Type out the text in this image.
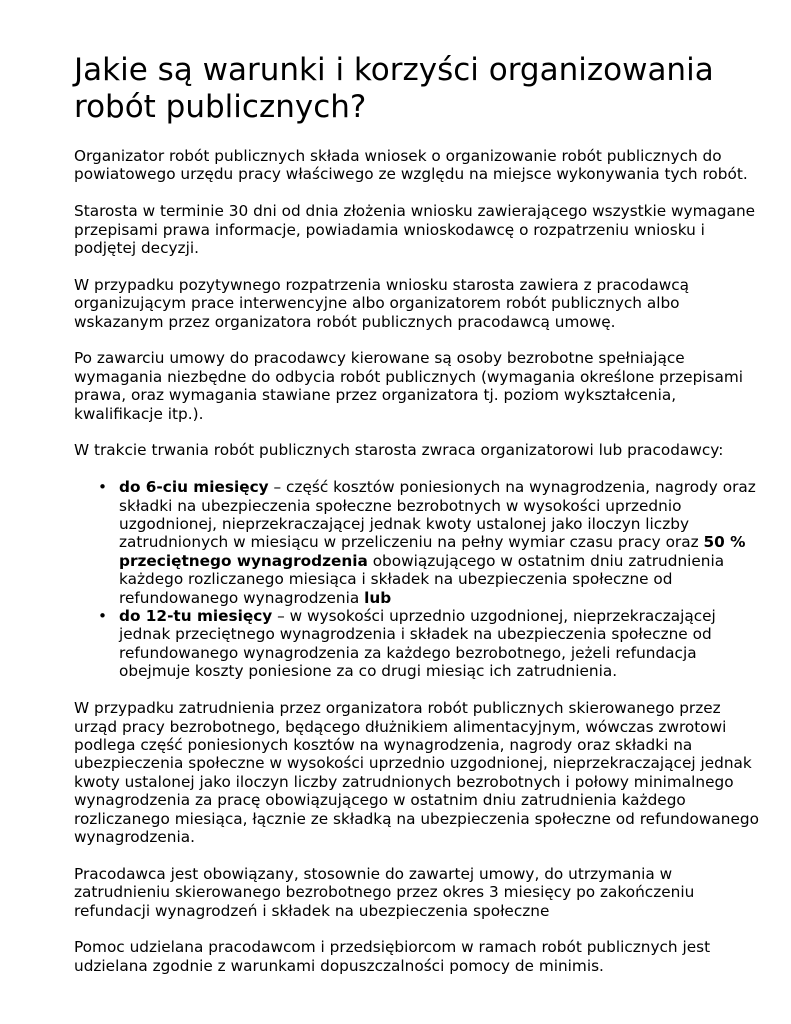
Jakie są warunki i korzyści organizowania robót publicznych?

Organizator robót publicznych składa wniosek o organizowanie robót publicznych do powiatowego urzędu pracy właściwego ze względu na miejsce wykonywania tych robót.

Starosta w terminie 30 dni od dnia złożenia wniosku zawierającego wszystkie wymagane przepisami prawa informacje, powiadamia wnioskodawcę o rozpatrzeniu wniosku i podjętej decyzji.

W przypadku pozytywnego rozpatrzenia wniosku starosta zawiera z pracodawcą organizującym prace interwencyjne albo organizatorem robót publicznych albo wskazanym przez organizatora robót publicznych pracodawcą umowę.

Po zawarciu umowy do pracodawcy kierowane są osoby bezrobotne spełniające wymagania niezbędne do odbycia robót publicznych (wymagania określone przepisami prawa, oraz wymagania stawiane przez organizatora tj. poziom wykształcenia, kwalifikacje itp.).

W trakcie trwania robót publicznych starosta zwraca organizatorowi lub pracodawcy:

• do 6-ciu miesięcy – część kosztów poniesionych na wynagrodzenia, nagrody oraz składki na ubezpieczenia społeczne bezrobotnych w wysokości uprzednio uzgodnionej, nieprzekraczającej jednak kwoty ustalonej jako iloczyn liczby zatrudnionych w miesiącu w przeliczeniu na pełny wymiar czasu pracy oraz 50 % przeciętnego wynagrodzenia obowiązującego w ostatnim dniu zatrudnienia każdego rozliczanego miesiąca i składek na ubezpieczenia społeczne od refundowanego wynagrodzenia lub
• do 12-tu miesięcy – w wysokości uprzednio uzgodnionej, nieprzekraczającej jednak przeciętnego wynagrodzenia i składek na ubezpieczenia społeczne od refundowanego wynagrodzenia za każdego bezrobotnego, jeżeli refundacja obejmuje koszty poniesione za co drugi miesiąc ich zatrudnienia.

W przypadku zatrudnienia przez organizatora robót publicznych skierowanego przez urząd pracy bezrobotnego, będącego dłużnikiem alimentacyjnym, wówczas zwrotowi podlega część poniesionych kosztów na wynagrodzenia, nagrody oraz składki na ubezpieczenia społeczne w wysokości uprzednio uzgodnionej, nieprzekraczającej jednak kwoty ustalonej jako iloczyn liczby zatrudnionych bezrobotnych i połowy minimalnego wynagrodzenia za pracę obowiązującego w ostatnim dniu zatrudnienia każdego rozliczanego miesiąca, łącznie ze składką na ubezpieczenia społeczne od refundowanego wynagrodzenia.

Pracodawca jest obowiązany, stosownie do zawartej umowy, do utrzymania w zatrudnieniu skierowanego bezrobotnego przez okres 3 miesięcy po zakończeniu refundacji wynagrodzeń i składek na ubezpieczenia społeczne

Pomoc udzielana pracodawcom i przedsiębiorcom w ramach robót publicznych jest udzielana zgodnie z warunkami dopuszczalności pomocy de minimis.
